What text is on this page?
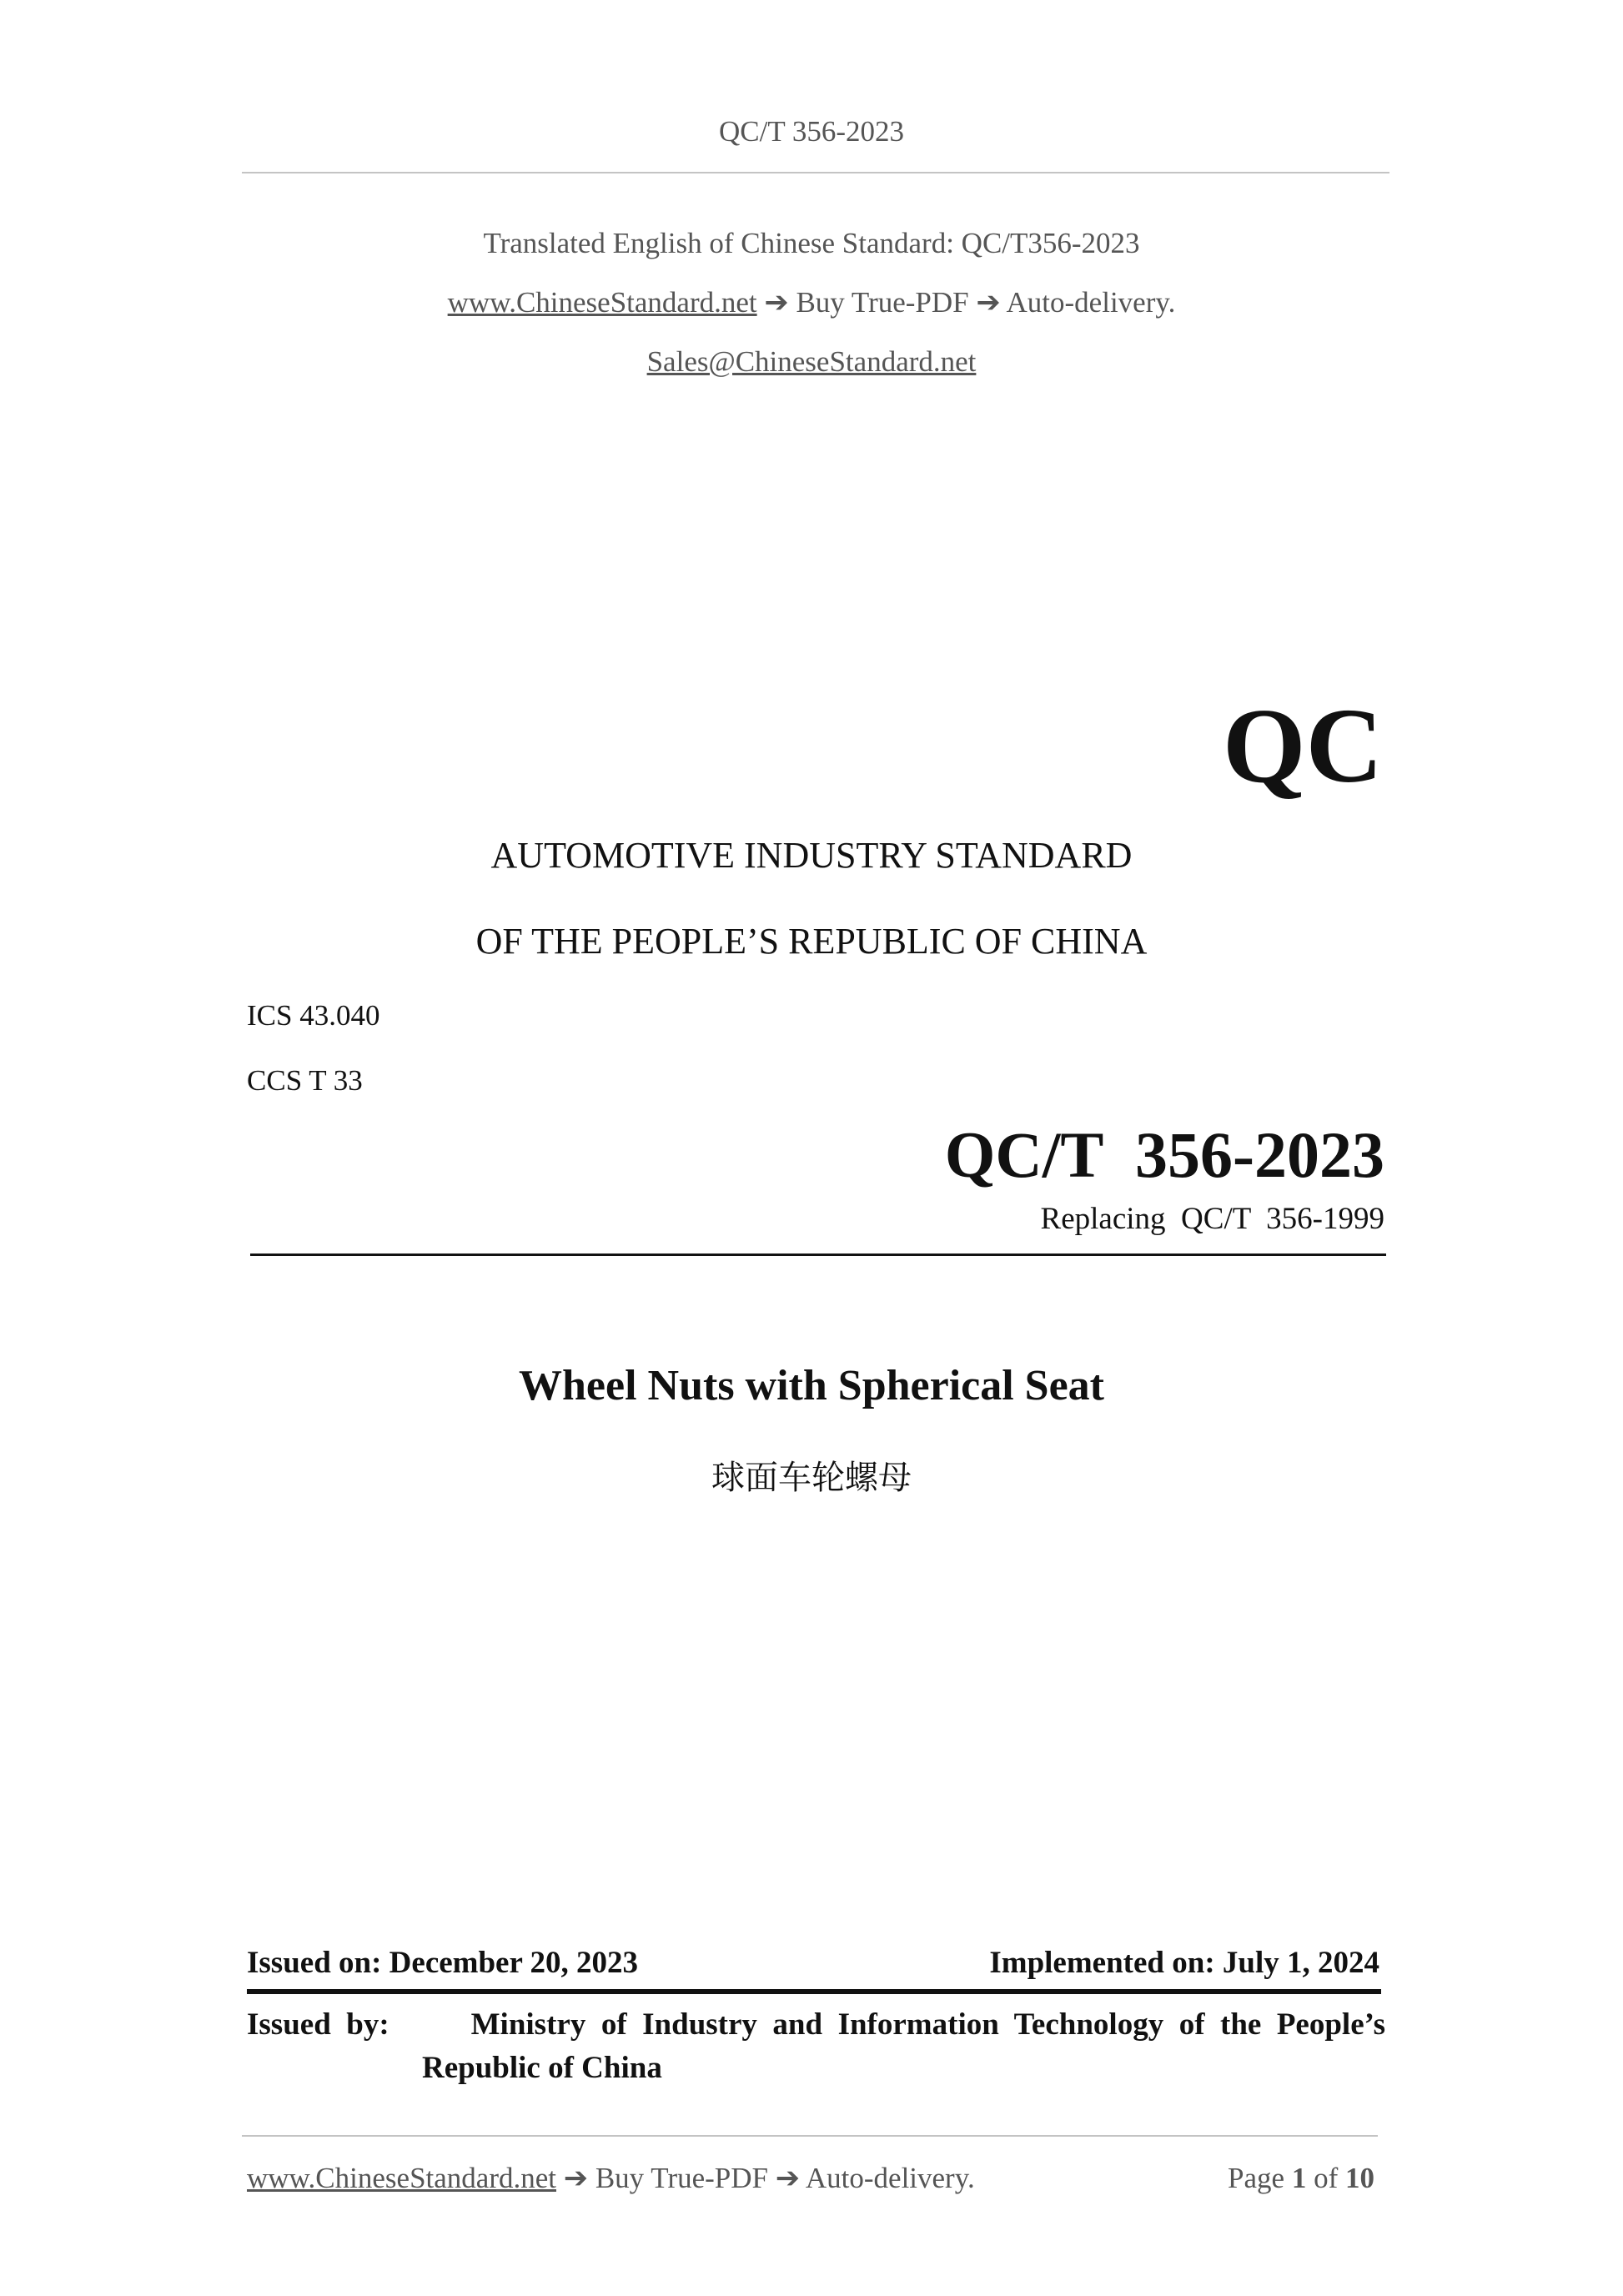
QC/T 356-2023
Translated English of Chinese Standard: QC/T356-2023
www.ChineseStandard.net ➔ Buy True-PDF ➔ Auto-delivery.
Sales@ChineseStandard.net
QC
AUTOMOTIVE INDUSTRY STANDARD
OF THE PEOPLE’S REPUBLIC OF CHINA
ICS 43.040
CCS T 33
QC/T  356-2023
Replacing  QC/T  356-1999
Wheel Nuts with Spherical Seat
球面车轮螺母
Issued on: December 20, 2023	Implemented on: July 1, 2024
Issued  by:	Ministry  of  Industry  and  Information  Technology  of  the  People’s
Republic of China
www.ChineseStandard.net ➔ Buy True-PDF ➔ Auto-delivery.	Page 1 of 10
